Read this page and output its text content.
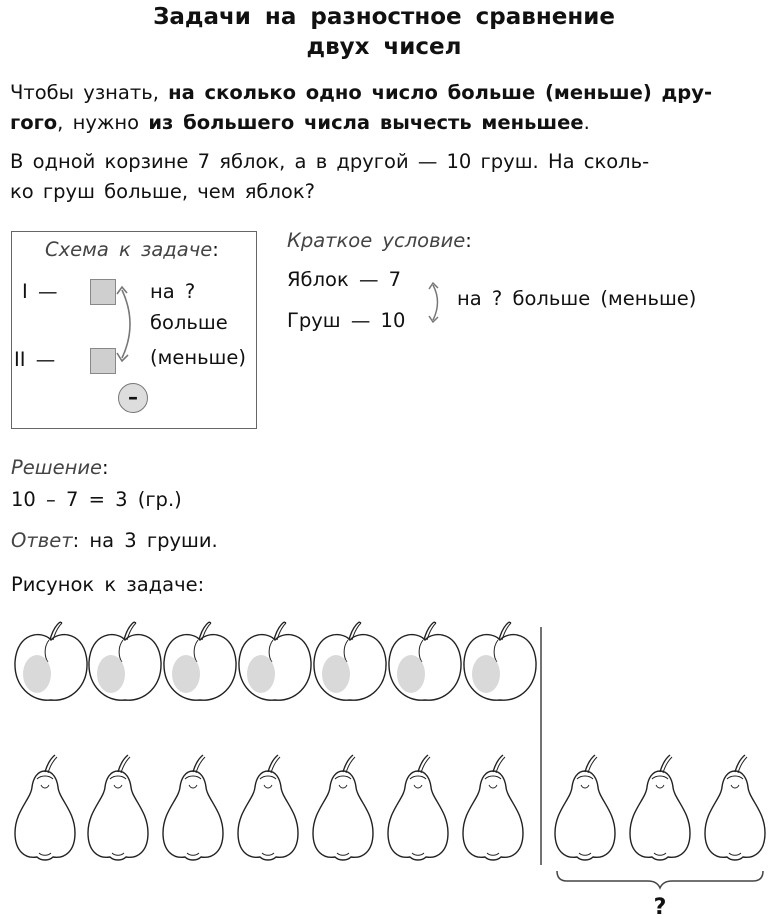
Задачи на разностное сравнение
двух чисел
Чтобы узнать, на сколько одно число больше (меньше) дру-
гого, нужно из большего числа вычесть меньшее.
В одной корзине 7 яблок, а в другой — 10 груш. На сколь-
ко груш больше, чем яблок?
Схема к задаче:
I —
II —
на ?
больше
(меньше)
–
Краткое условие:
Яблок — 7
Груш — 10
на ? больше (меньше)
Решение:
10 – 7 = 3 (гр.)
Ответ: на 3 груши.
Рисунок к задаче:
?
